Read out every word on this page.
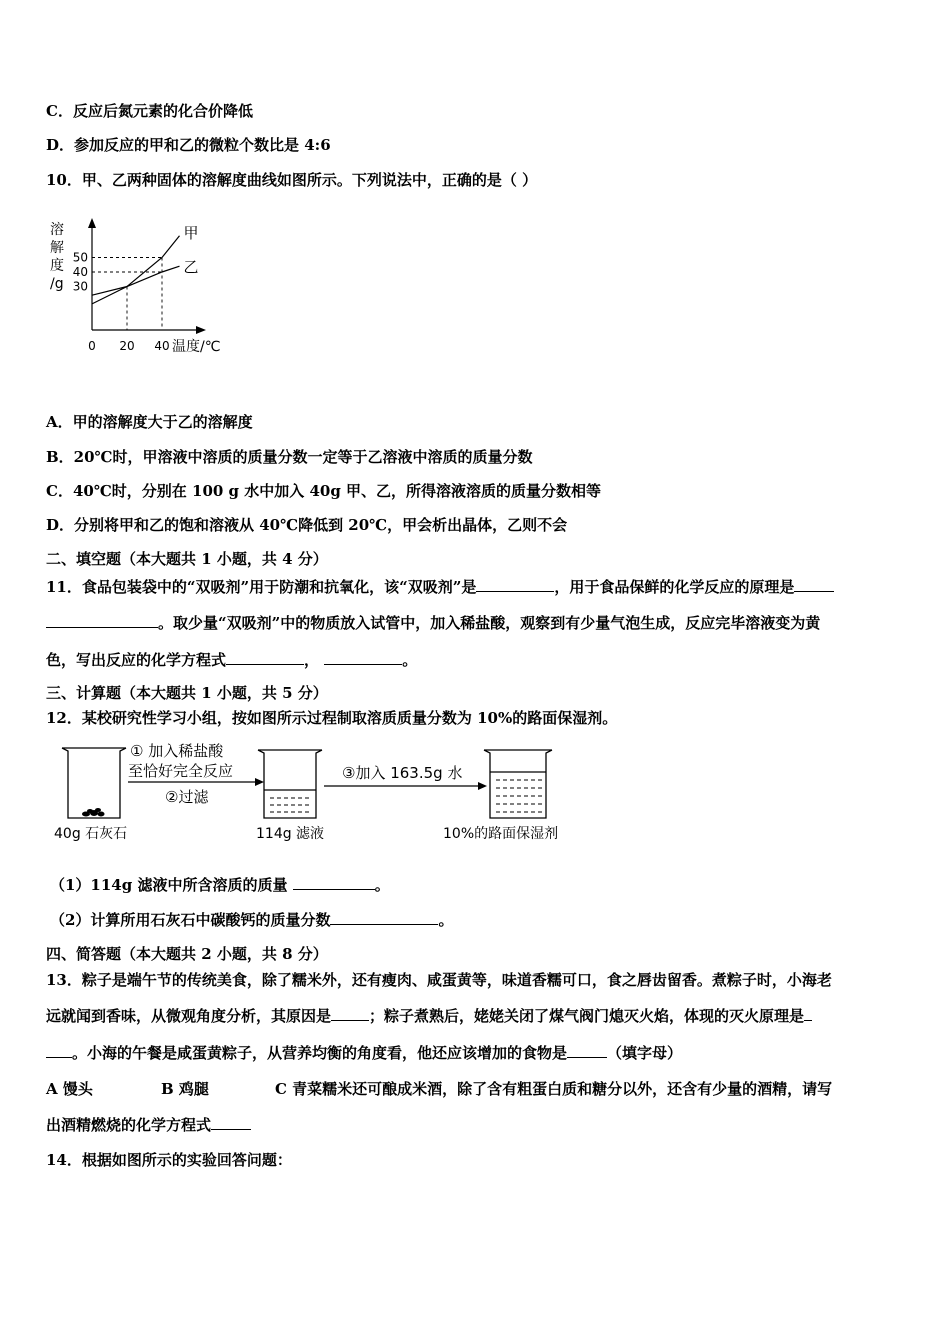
C．反应后氮元素的化合价降低
D．参加反应的甲和乙的微粒个数比是 4:6
10．甲、乙两种固体的溶解度曲线如图所示。下列说法中，正确的是（ ）
溶
解
度
/g
甲
乙
50
40
30
0 20 40 温度/℃
A．甲的溶解度大于乙的溶解度
B．20℃时，甲溶液中溶质的质量分数一定等于乙溶液中溶质的质量分数
C．40℃时，分别在 100 g 水中加入 40g 甲、乙，所得溶液溶质的质量分数相等
D．分别将甲和乙的饱和溶液从 40℃降低到 20℃，甲会析出晶体，乙则不会
二、填空题（本大题共 1 小题，共 4 分）
11．食品包装袋中的“双吸剂”用于防潮和抗氧化，该“双吸剂”是	，用于食品保鲜的化学反应的原理是
。取少量“双吸剂”中的物质放入试管中，加入稀盐酸，观察到有少量气泡生成，反应完毕溶液变为黄
色，写出反应的化学方程式	，	。
三、计算题（本大题共 1 小题，共 5 分）
12．某校研究性学习小组，按如图所示过程制取溶质质量分数为 10%的路面保湿剂。
40g 石灰石
① 加入稀盐酸
至恰好完全反应
②过滤
114g 滤液
③加入 163.5g 水
10%的路面保湿剂
（1）114g 滤液中所含溶质的质量	。
（2）计算所用石灰石中碳酸钙的质量分数	。
四、简答题（本大题共 2 小题，共 8 分）
13．粽子是端午节的传统美食，除了糯米外，还有瘦肉、咸蛋黄等，味道香糯可口，食之唇齿留香。煮粽子时，小海老
远就闻到香味，从微观角度分析，其原因是	；粽子煮熟后，姥姥关闭了煤气阀门熄灭火焰，体现的灭火原理是
。小海的午餐是咸蛋黄粽子，从营养均衡的角度看，他还应该增加的食物是	（填字母）
A 馒头	B 鸡腿	C 青菜糯米还可酿成米酒，除了含有粗蛋白质和糖分以外，还含有少量的酒精，请写
出酒精燃烧的化学方程式
14．根据如图所示的实验回答问题：
